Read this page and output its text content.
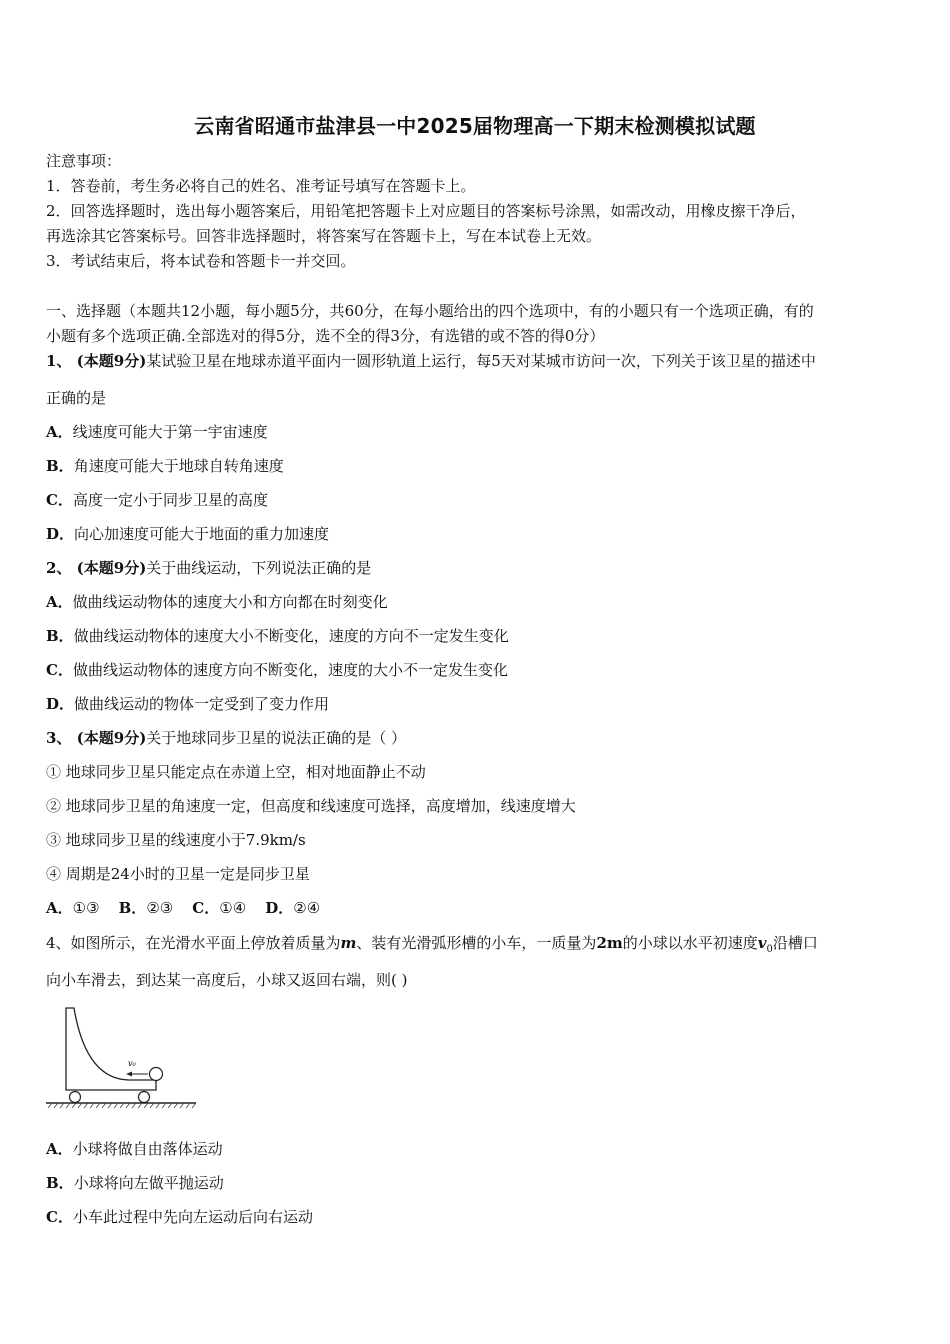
云南省昭通市盐津县一中2025届物理高一下期末检测模拟试题
注意事项：
1．答卷前，考生务必将自己的姓名、准考证号填写在答题卡上。
2．回答选择题时，选出每小题答案后，用铅笔把答题卡上对应题目的答案标号涂黑，如需改动，用橡皮擦干净后，
再选涂其它答案标号。回答非选择题时，将答案写在答题卡上，写在本试卷上无效。
3．考试结束后，将本试卷和答题卡一并交回。
一、选择题（本题共12小题，每小题5分，共60分，在每小题给出的四个选项中，有的小题只有一个选项正确，有的
小题有多个选项正确.全部选对的得5分，选不全的得3分，有选错的或不答的得0分）
1、 (本题9分)某试验卫星在地球赤道平面内一圆形轨道上运行，每5天对某城市访问一次，下列关于该卫星的描述中
正确的是
A．线速度可能大于第一宇宙速度
B．角速度可能大于地球自转角速度
C．高度一定小于同步卫星的高度
D．向心加速度可能大于地面的重力加速度
2、 (本题9分)关于曲线运动，下列说法正确的是
A．做曲线运动物体的速度大小和方向都在时刻变化
B．做曲线运动物体的速度大小不断变化，速度的方向不一定发生变化
C．做曲线运动物体的速度方向不断变化，速度的大小不一定发生变化
D．做曲线运动的物体一定受到了变力作用
3、 (本题9分)关于地球同步卫星的说法正确的是（ ）
① 地球同步卫星只能定点在赤道上空，相对地面静止不动
② 地球同步卫星的角速度一定，但高度和线速度可选择，高度增加，线速度增大
③ 地球同步卫星的线速度小于7.9km/s
④ 周期是24小时的卫星一定是同步卫星
A．①③ B．②③ C．①④ D．②④
4、如图所示，在光滑水平面上停放着质量为m、装有光滑弧形槽的小车，一质量为2m的小球以水平初速度$v_0$沿槽口
向小车滑去，到达某一高度后，小球又返回右端，则( )
v₀
A．小球将做自由落体运动
B．小球将向左做平抛运动
C．小车此过程中先向左运动后向右运动
